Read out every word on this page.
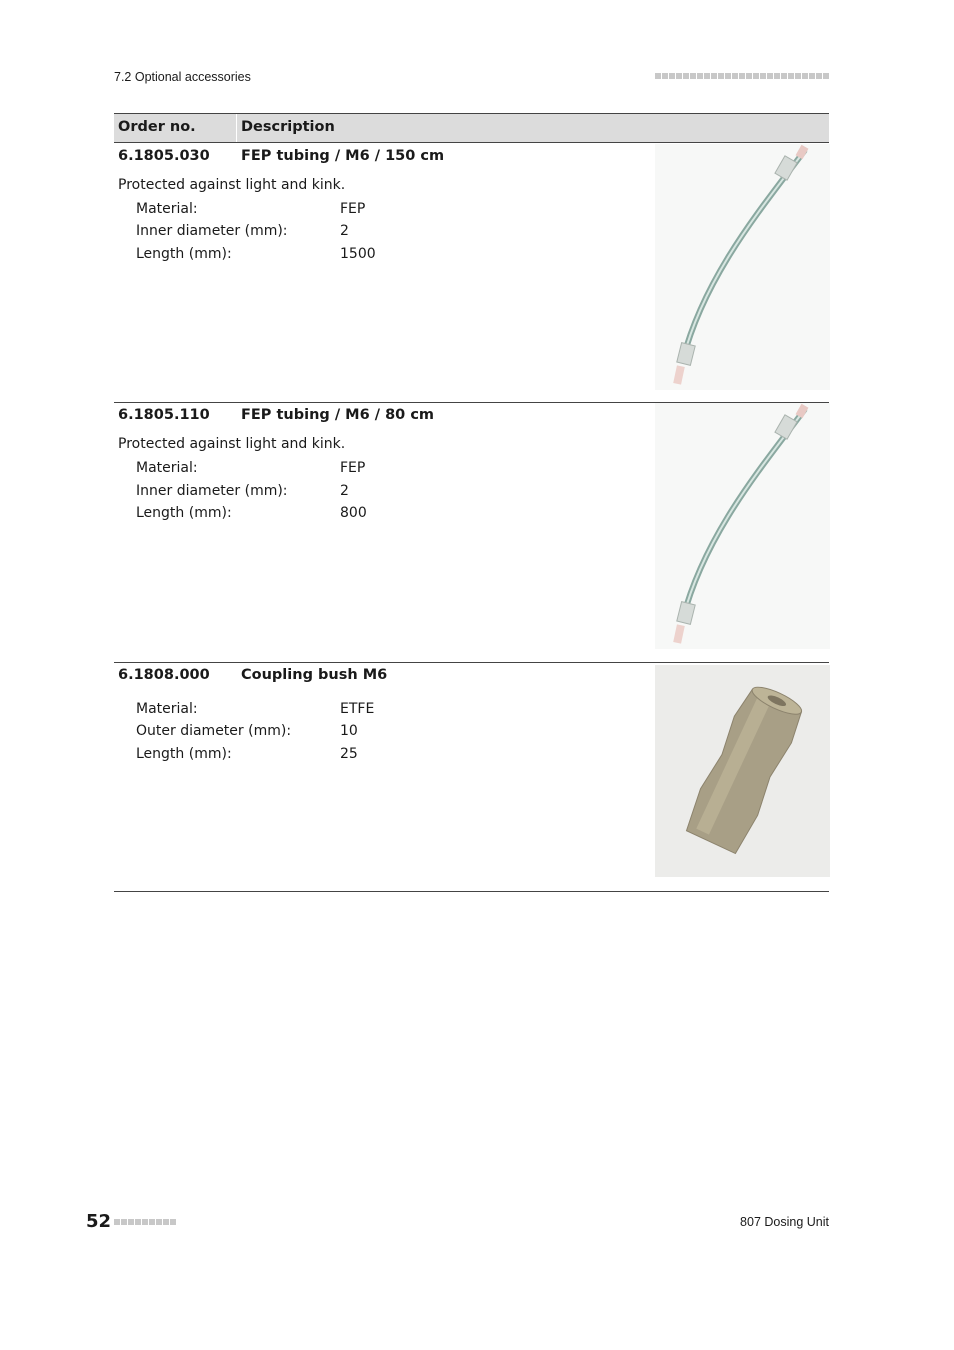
7.2 Optional accessories
Order no.	Description
6.1805.030 FEP tubing / M6 / 150 cm
Protected against light and kink.
Material:	FEP
Inner diameter (mm):	2
Length (mm):	1500
6.1805.110 FEP tubing / M6 / 80 cm
Protected against light and kink.
Material:	FEP
Inner diameter (mm):	2
Length (mm):	800
6.1808.000 Coupling bush M6
Material:	ETFE
Outer diameter (mm):	10
Length (mm):	25
52	807 Dosing Unit
